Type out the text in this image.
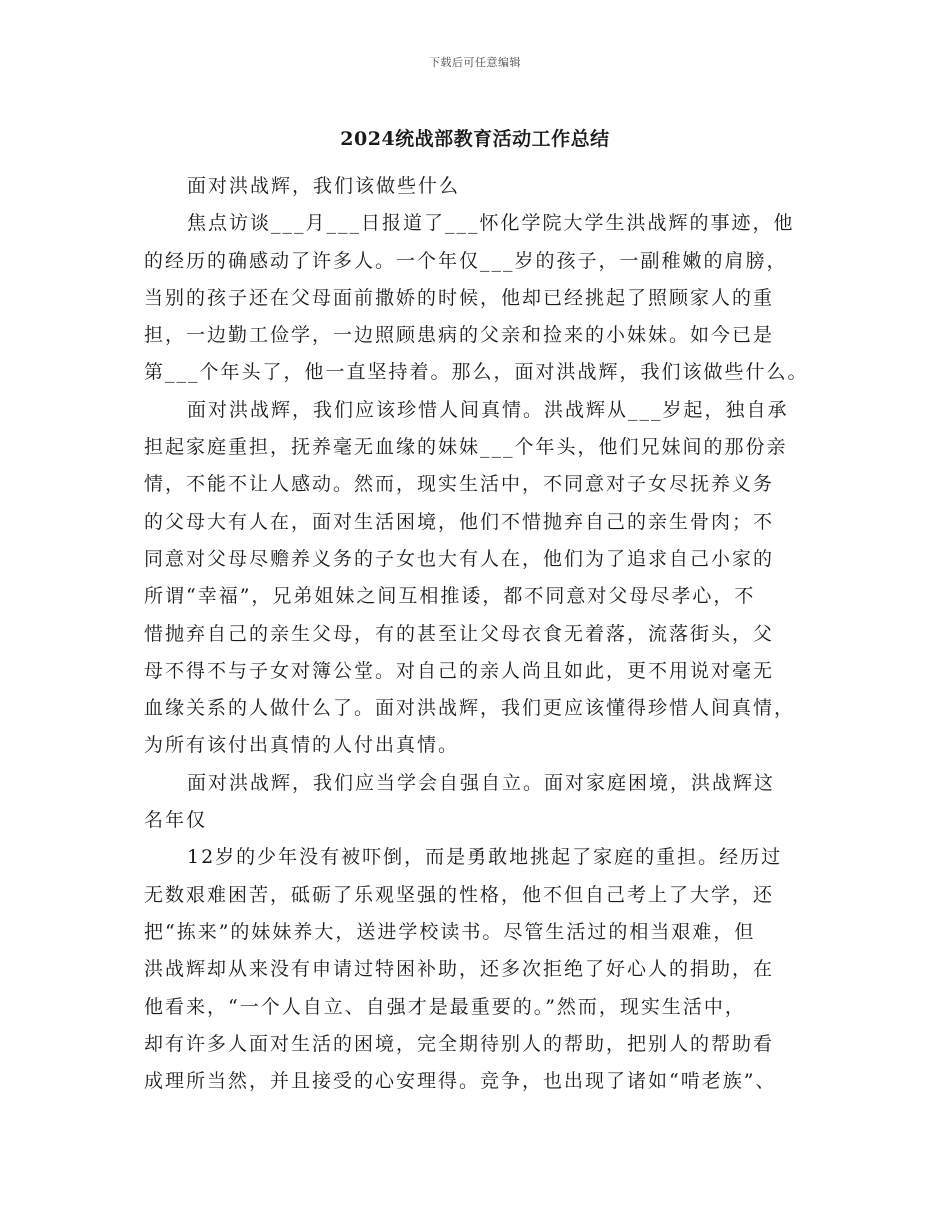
下载后可任意编辑
2024统战部教育活动工作总结
面对洪战辉，我们该做些什么
焦点访谈___月___日报道了___怀化学院大学生洪战辉的事迹，他
的经历的确感动了许多人。一个年仅___岁的孩子，一副稚嫩的肩膀，
当别的孩子还在父母面前撒娇的时候，他却已经挑起了照顾家人的重
担，一边勤工俭学，一边照顾患病的父亲和捡来的小妹妹。如今已是
第___个年头了，他一直坚持着。那么，面对洪战辉，我们该做些什么。
面对洪战辉，我们应该珍惜人间真情。洪战辉从___岁起，独自承
担起家庭重担，抚养毫无血缘的妹妹___个年头，他们兄妹间的那份亲
情，不能不让人感动。然而，现实生活中，不同意对子女尽抚养义务
的父母大有人在，面对生活困境，他们不惜抛弃自己的亲生骨肉；不
同意对父母尽赡养义务的子女也大有人在，他们为了追求自己小家的
所谓“幸福”，兄弟姐妹之间互相推诿，都不同意对父母尽孝心，不
惜抛弃自己的亲生父母，有的甚至让父母衣食无着落，流落街头，父
母不得不与子女对簿公堂。对自己的亲人尚且如此，更不用说对毫无
血缘关系的人做什么了。面对洪战辉，我们更应该懂得珍惜人间真情，
为所有该付出真情的人付出真情。
面对洪战辉，我们应当学会自强自立。面对家庭困境，洪战辉这
名年仅
12岁的少年没有被吓倒，而是勇敢地挑起了家庭的重担。经历过
无数艰难困苦，砥砺了乐观坚强的性格，他不但自己考上了大学，还
把“拣来”的妹妹养大，送进学校读书。尽管生活过的相当艰难，但
洪战辉却从来没有申请过特困补助，还多次拒绝了好心人的捐助，在
他看来，“一个人自立、自强才是最重要的。”然而，现实生活中，
却有许多人面对生活的困境，完全期待别人的帮助，把别人的帮助看
成理所当然，并且接受的心安理得。竞争，也出现了诸如“啃老族”、
